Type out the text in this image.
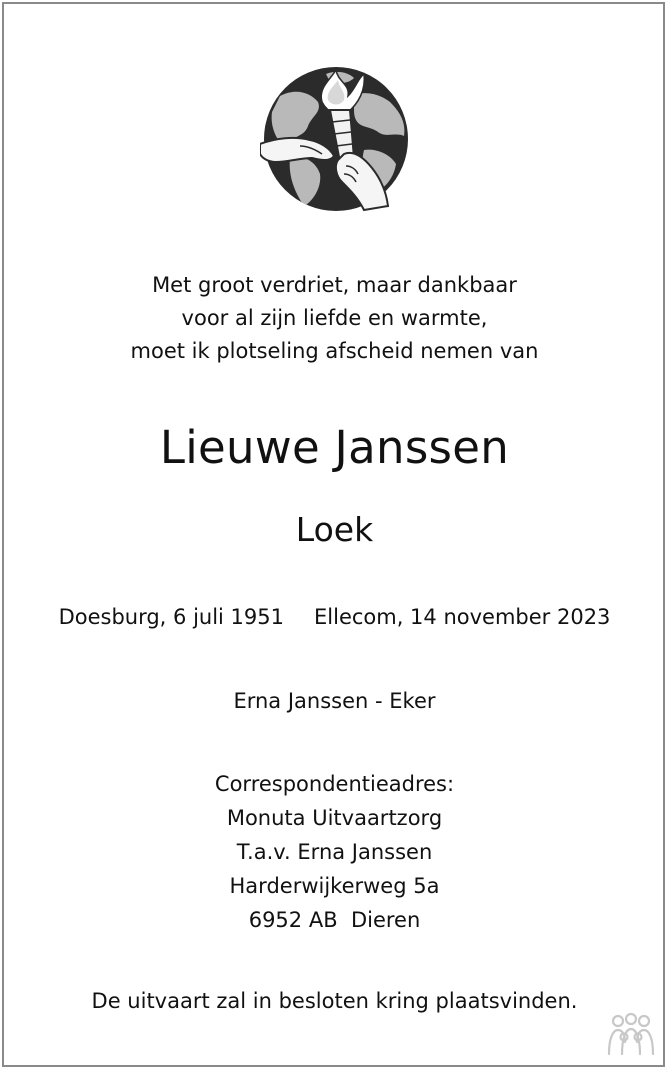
Met groot verdriet, maar dankbaar
voor al zijn liefde en warmte,
moet ik plotseling afscheid nemen van
Lieuwe Janssen
Loek
Doesburg, 6 juli 1951 Ellecom, 14 november 2023
Erna Janssen - Eker
Correspondentieadres:
Monuta Uitvaartzorg
T.a.v. Erna Janssen
Harderwijkerweg 5a
6952 AB  Dieren
De uitvaart zal in besloten kring plaatsvinden.
